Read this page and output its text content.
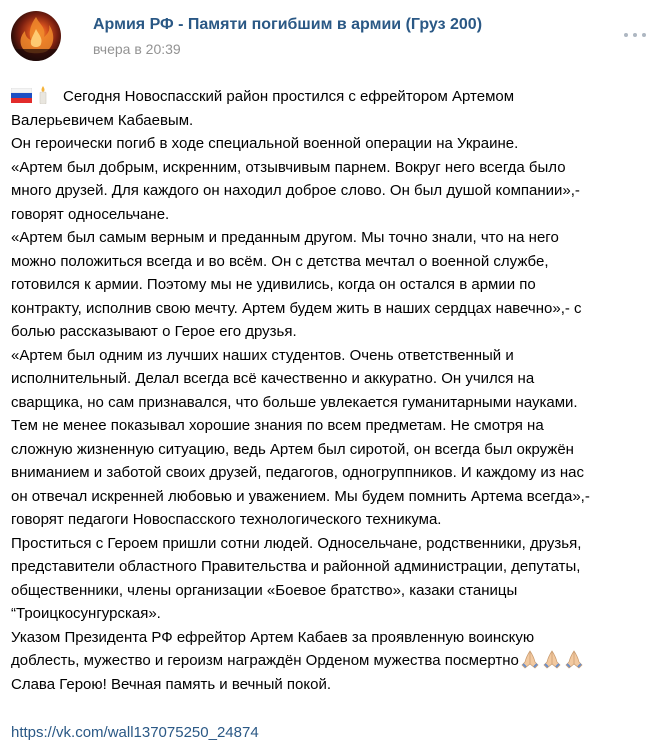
Армия РФ - Памяти погибшим в армии (Груз 200)
вчера в 20:39
Сегодня Новоспасский район простился с ефрейтором Артемом
Валерьевичем Кабаевым.
Он героически погиб в ходе специальной военной операции на Украине.
«Артем был добрым, искренним, отзывчивым парнем. Вокруг него всегда было
много друзей. Для каждого он находил доброе слово. Он был душой компании»,-
говорят односельчане.
«Артем был самым верным и преданным другом. Мы точно знали, что на него
можно положиться всегда и во всём. Он с детства мечтал о военной службе,
готовился к армии. Поэтому мы не удивились, когда он остался в армии по
контракту, исполнив свою мечту. Артем будем жить в наших сердцах навечно»,- с
болью рассказывают о Герое его друзья.
«Артем был одним из лучших наших студентов. Очень ответственный и
исполнительный. Делал всегда всё качественно и аккуратно. Он учился на
сварщика, но сам признавался, что больше увлекается гуманитарными науками.
Тем не менее показывал хорошие знания по всем предметам. Не смотря на
сложную жизненную ситуацию, ведь Артем был сиротой, он всегда был окружён
вниманием и заботой своих друзей, педагогов, одногруппников. И каждому из нас
он отвечал искренней любовью и уважением. Мы будем помнить Артема всегда»,-
говорят педагоги Новоспасского технологического техникума.
Проститься с Героем пришли сотни людей. Односельчане, родственники, друзья,
представители областного Правительства и районной администрации, депутаты,
общественники, члены организации «Боевое братство», казаки станицы
“Троицкосунгурская».
Указом Президента РФ ефрейтор Артем Кабаев за проявленную воинскую
доблесть, мужество и героизм награждён Орденом мужества посмертно
Слава Герою! Вечная память и вечный покой.
https://vk.com/wall137075250_24874
